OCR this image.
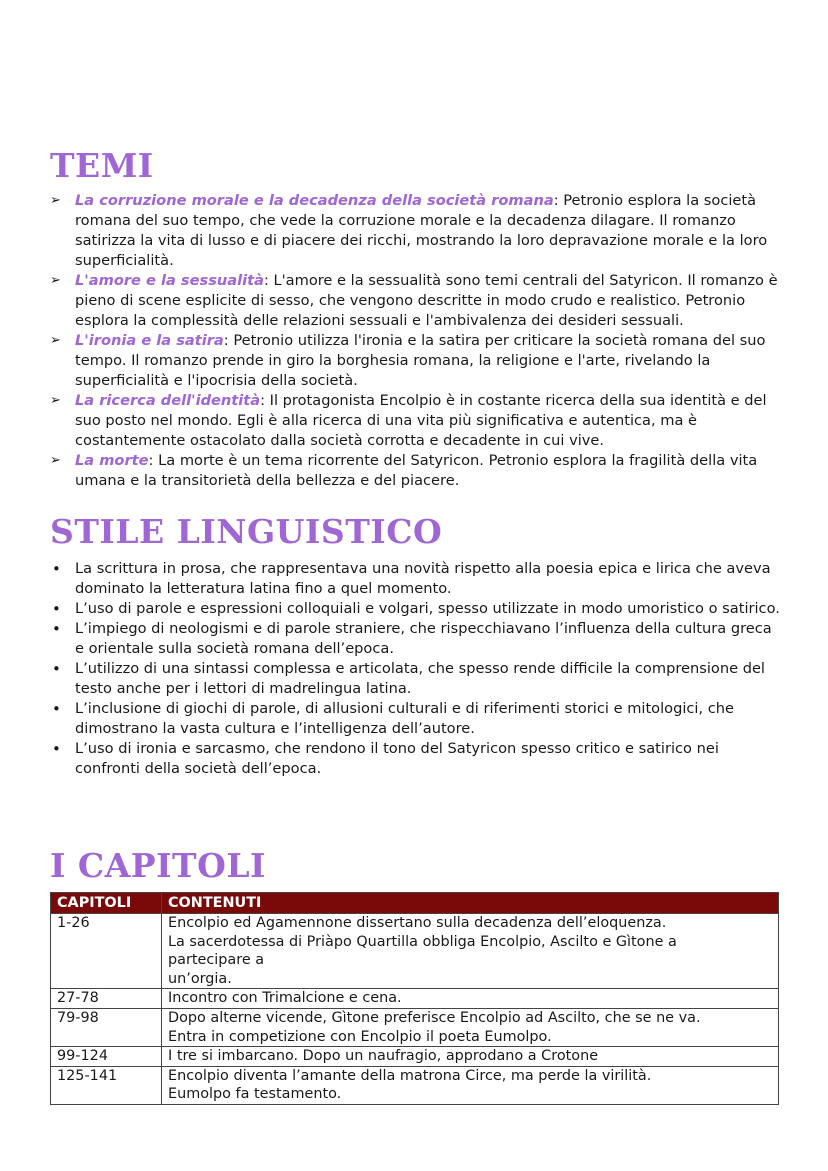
TEMI
➢ La corruzione morale e la decadenza della società romana: Petronio esplora la società romana del suo tempo, che vede la corruzione morale e la decadenza dilagare. Il romanzo satirizza la vita di lusso e di piacere dei ricchi, mostrando la loro depravazione morale e la loro superficialità.
➢ L'amore e la sessualità: L'amore e la sessualità sono temi centrali del Satyricon. Il romanzo è pieno di scene esplicite di sesso, che vengono descritte in modo crudo e realistico. Petronio esplora la complessità delle relazioni sessuali e l'ambivalenza dei desideri sessuali.
➢ L'ironia e la satira: Petronio utilizza l'ironia e la satira per criticare la società romana del suo tempo. Il romanzo prende in giro la borghesia romana, la religione e l'arte, rivelando la superficialità e l'ipocrisia della società.
➢ La ricerca dell'identità: Il protagonista Encolpio è in costante ricerca della sua identità e del suo posto nel mondo. Egli è alla ricerca di una vita più significativa e autentica, ma è costantemente ostacolato dalla società corrotta e decadente in cui vive.
➢ La morte: La morte è un tema ricorrente del Satyricon. Petronio esplora la fragilità della vita umana e la transitorietà della bellezza e del piacere.
STILE LINGUISTICO
• La scrittura in prosa, che rappresentava una novità rispetto alla poesia epica e lirica che aveva dominato la letteratura latina fino a quel momento.
• L’uso di parole e espressioni colloquiali e volgari, spesso utilizzate in modo umoristico o satirico.
• L’impiego di neologismi e di parole straniere, che rispecchiavano l’influenza della cultura greca e orientale sulla società romana dell’epoca.
• L’utilizzo di una sintassi complessa e articolata, che spesso rende difficile la comprensione del testo anche per i lettori di madrelingua latina.
• L’inclusione di giochi di parole, di allusioni culturali e di riferimenti storici e mitologici, che dimostrano la vasta cultura e l’intelligenza dell’autore.
• L’uso di ironia e sarcasmo, che rendono il tono del Satyricon spesso critico e satirico nei confronti della società dell’epoca.
I CAPITOLI
CAPITOLI	CONTENUTI
1-26	Encolpio ed Agamennone dissertano sulla decadenza dell’eloquenza.
La sacerdotessa di Priàpo Quartilla obbliga Encolpio, Ascilto e Gìtone a
partecipare a
un’orgia.

27-78	Incontro con Trimalcione e cena.

79-98	Dopo alterne vicende, Gìtone preferisce Encolpio ad Ascilto, che se ne va.
Entra in competizione con Encolpio il poeta Eumolpo.

99-124	I tre si imbarcano. Dopo un naufragio, approdano a Crotone

125-141	Encolpio diventa l’amante della matrona Circe, ma perde la virilità.
Eumolpo fa testamento.
